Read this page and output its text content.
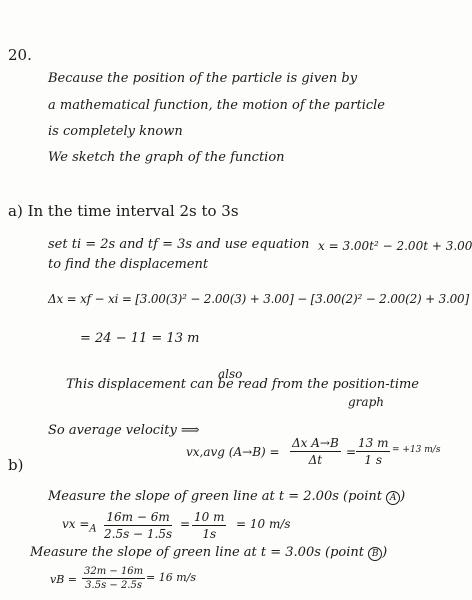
20.
Because the position of the particle is given by
a mathematical function, the motion of the particle
is completely known
We sketch the graph of the function
a) In the time interval 2s to 3s
set ti = 2s and tf = 3s and use equation x = 3.00t² − 2.00t + 3.00
to find the displacement
Δx = xf − xi = [3.00(3)² − 2.00(3) + 3.00] − [3.00(2)² − 2.00(2) + 3.00]
= 24 − 11 = 13 m
also
This displacement can be read from the position-time
graph
So average velocity ⟹
vx,avg $(A\to B) = \frac{\text{Δx A→B}}{\Delta t} = \frac{13 m}{1 s} = +13$ m/s
b)
Measure the slope of green line at t = 2.00s (point A )
vx $=_A \frac{16m - 6m}{2.5s - 1.5s} = \frac{10 m}{1s} = 10$ m/s
Measure the slope of green line at t = 3.00s (point B )
vB = $\frac{32m - 16m}{3.5s - 2.5s} = 16$ m/s
